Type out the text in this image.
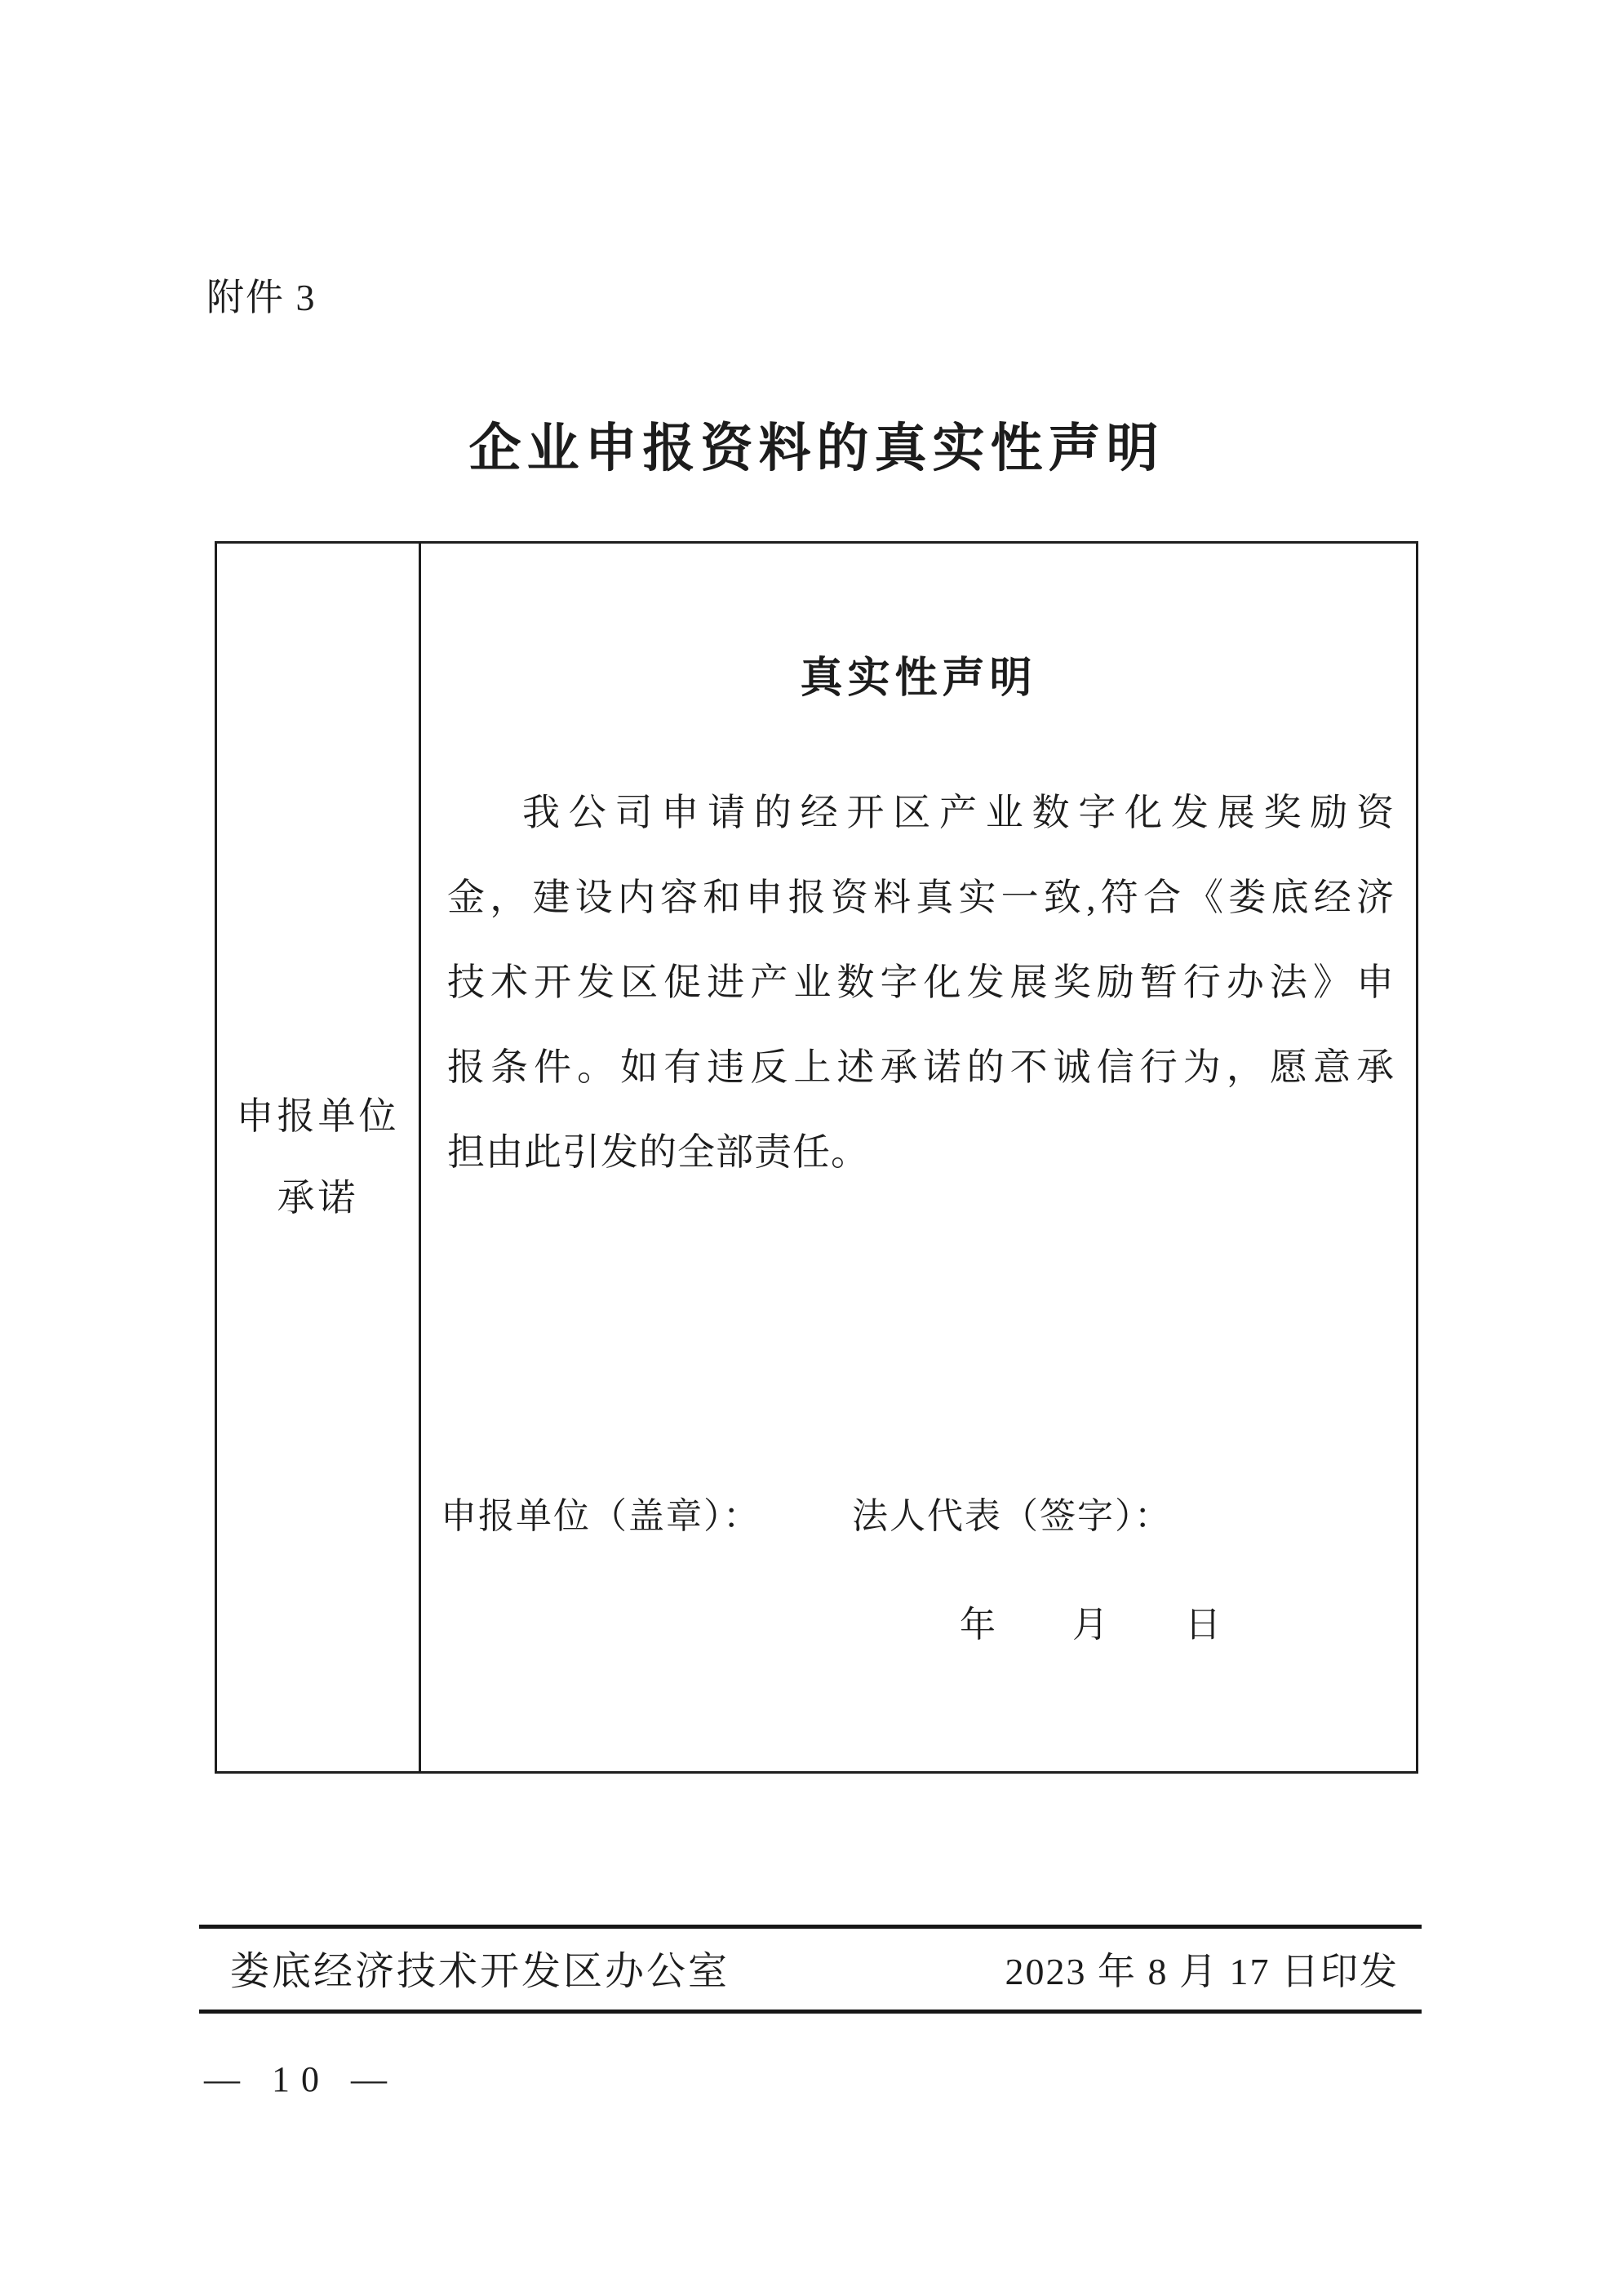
附件 3
企业申报资料的真实性声明
申报单位
承诺
真实性声明
我公司申请的经开区产业数字化发展奖励资
金，建设内容和申报资料真实一致,符合《娄底经济
技术开发区促进产业数字化发展奖励暂行办法》申
报条件。如有违反上述承诺的不诚信行为，愿意承
担由此引发的全部责任。
申报单位（盖章）：	法人代表（签字）：
年　　月　　日
娄底经济技术开发区办公室	2023 年 8 月 17 日印发
— 10 —
